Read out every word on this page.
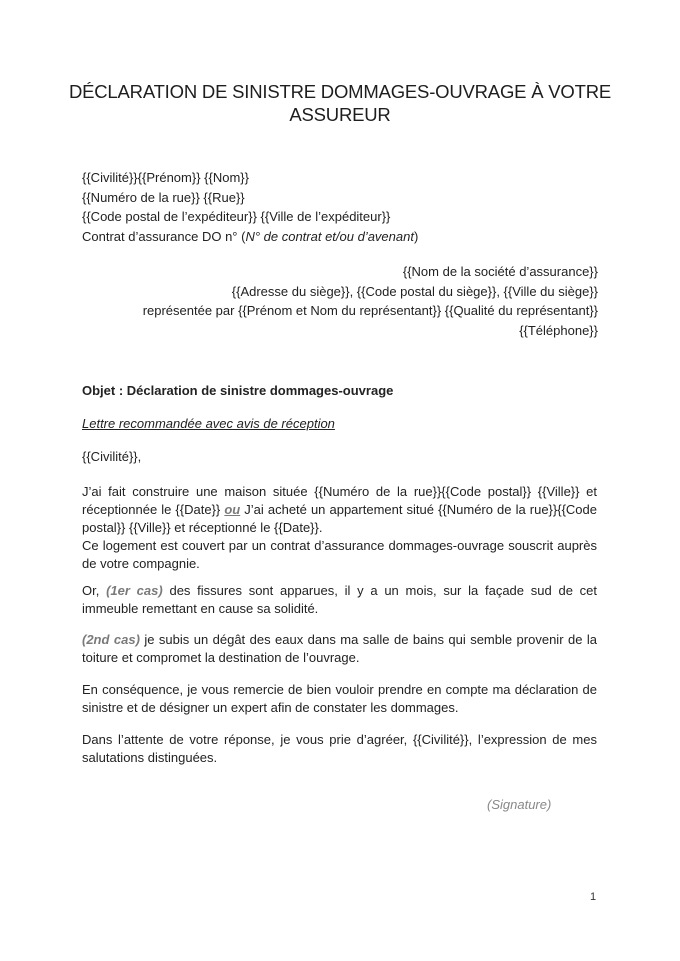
DÉCLARATION DE SINISTRE DOMMAGES-OUVRAGE À VOTRE ASSUREUR
{{Civilité}}{{Prénom}} {{Nom}}
{{Numéro de la rue}} {{Rue}}
{{Code postal de l’expéditeur}} {{Ville de l’expéditeur}}
Contrat d’assurance DO n° (N° de contrat et/ou d’avenant)
{{Nom de la société d’assurance}}
{{Adresse du siège}}, {{Code postal du siège}}, {{Ville du siège}}
représentée par {{Prénom et Nom du représentant}} {{Qualité du représentant}}
{{Téléphone}}
Objet : Déclaration de sinistre dommages-ouvrage
Lettre recommandée avec avis de réception
{{Civilité}},

J’ai fait construire une maison située {{Numéro de la rue}}{{Code postal}} {{Ville}} et réceptionnée le {{Date}} ou J’ai acheté un appartement situé {{Numéro de la rue}}{{Code postal}} {{Ville}} et réceptionné le {{Date}}.
Ce logement est couvert par un contrat d’assurance dommages-ouvrage souscrit auprès de votre compagnie.

Or, (1er cas) des fissures sont apparues, il y a un mois, sur la façade sud de cet immeuble remettant en cause sa solidité.

(2nd cas) je subis un dégât des eaux dans ma salle de bains qui semble provenir de la toiture et compromet la destination de l’ouvrage.

En conséquence, je vous remercie de bien vouloir prendre en compte ma déclaration de sinistre et de désigner un expert afin de constater les dommages.

Dans l’attente de votre réponse, je vous prie d’agréer, {{Civilité}}, l’expression de mes salutations distinguées.

(Signature)
1
